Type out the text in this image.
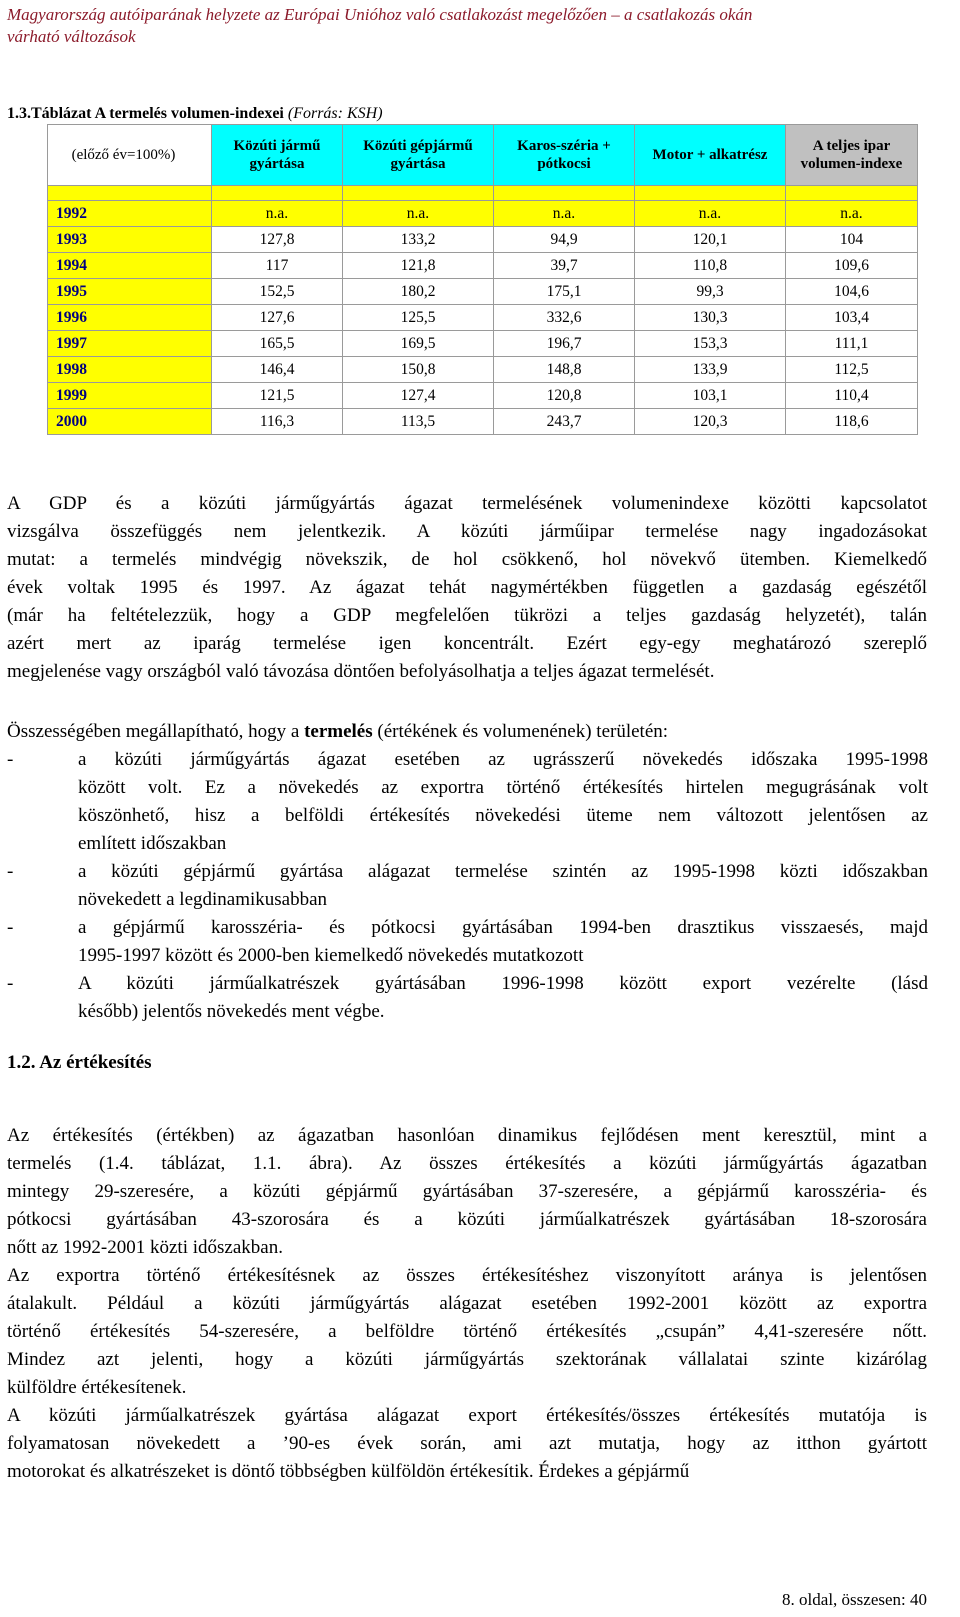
Magyarország autóiparának helyzete az Európai Unióhoz való csatlakozást megelőzően – a csatlakozás okán
várható változások
1.3.Táblázat A termelés volumen-indexei (Forrás: KSH)
(előző év=100%)	Közúti jármű gyártása	Közúti gépjármű gyártása	Karos-széria + pótkocsi	Motor + alkatrész	A teljes ipar volumen-indexe

1992	n.a.	n.a.	n.a.	n.a.	n.a.
1993	127,8	133,2	94,9	120,1	104
1994	117	121,8	39,7	110,8	109,6
1995	152,5	180,2	175,1	99,3	104,6
1996	127,6	125,5	332,6	130,3	103,4
1997	165,5	169,5	196,7	153,3	111,1
1998	146,4	150,8	148,8	133,9	112,5
1999	121,5	127,4	120,8	103,1	110,4
2000	116,3	113,5	243,7	120,3	118,6
A GDP és a közúti járműgyártás ágazat termelésének volumenindexe közötti kapcsolatot
vizsgálva összefüggés nem jelentkezik. A közúti járműipar termelése nagy ingadozásokat
mutat: a termelés mindvégig növekszik, de hol csökkenő, hol növekvő ütemben. Kiemelkedő
évek voltak 1995 és 1997. Az ágazat tehát nagymértékben független a gazdaság egészétől
(már ha feltételezzük, hogy a GDP megfelelően tükrözi a teljes gazdaság helyzetét), talán
azért mert az iparág termelése igen koncentrált. Ezért egy-egy meghatározó szereplő
megjelenése vagy országból való távozása döntően befolyásolhatja a teljes ágazat termelését.
Összességében megállapítható, hogy a termelés (értékének és volumenének) területén:
-	a közúti járműgyártás ágazat esetében az ugrásszerű növekedés időszaka 1995-1998
között volt. Ez a növekedés az exportra történő értékesítés hirtelen megugrásának volt
köszönhető, hisz a belföldi értékesítés növekedési üteme nem változott jelentősen az
említett időszakban
-	a közúti gépjármű gyártása alágazat termelése szintén az 1995-1998 közti időszakban
növekedett a legdinamikusabban
-	a gépjármű karosszéria- és pótkocsi gyártásában 1994-ben drasztikus visszaesés, majd
1995-1997 között és 2000-ben kiemelkedő növekedés mutatkozott
-	A közúti járműalkatrészek gyártásában 1996-1998 között export vezérelte (lásd
később) jelentős növekedés ment végbe.
1.2. Az értékesítés
Az értékesítés (értékben) az ágazatban hasonlóan dinamikus fejlődésen ment keresztül, mint a
termelés (1.4. táblázat, 1.1. ábra). Az összes értékesítés a közúti járműgyártás ágazatban
mintegy 29-szeresére, a közúti gépjármű gyártásában 37-szeresére, a gépjármű karosszéria- és
pótkocsi gyártásában 43-szorosára és a közúti járműalkatrészek gyártásában 18-szorosára
nőtt az 1992-2001 közti időszakban.
Az exportra történő értékesítésnek az összes értékesítéshez viszonyított aránya is jelentősen
átalakult. Például a közúti járműgyártás alágazat esetében 1992-2001 között az exportra
történő értékesítés 54-szeresére, a belföldre történő értékesítés „csupán” 4,41-szeresére nőtt.
Mindez azt jelenti, hogy a közúti járműgyártás szektorának vállalatai szinte kizárólag
külföldre értékesítenek.
A közúti járműalkatrészek gyártása alágazat export értékesítés/összes értékesítés mutatója is
folyamatosan növekedett a ’90-es évek során, ami azt mutatja, hogy az itthon gyártott
motorokat és alkatrészeket is döntő többségben külföldön értékesítik. Érdekes a gépjármű
8. oldal, összesen: 40
